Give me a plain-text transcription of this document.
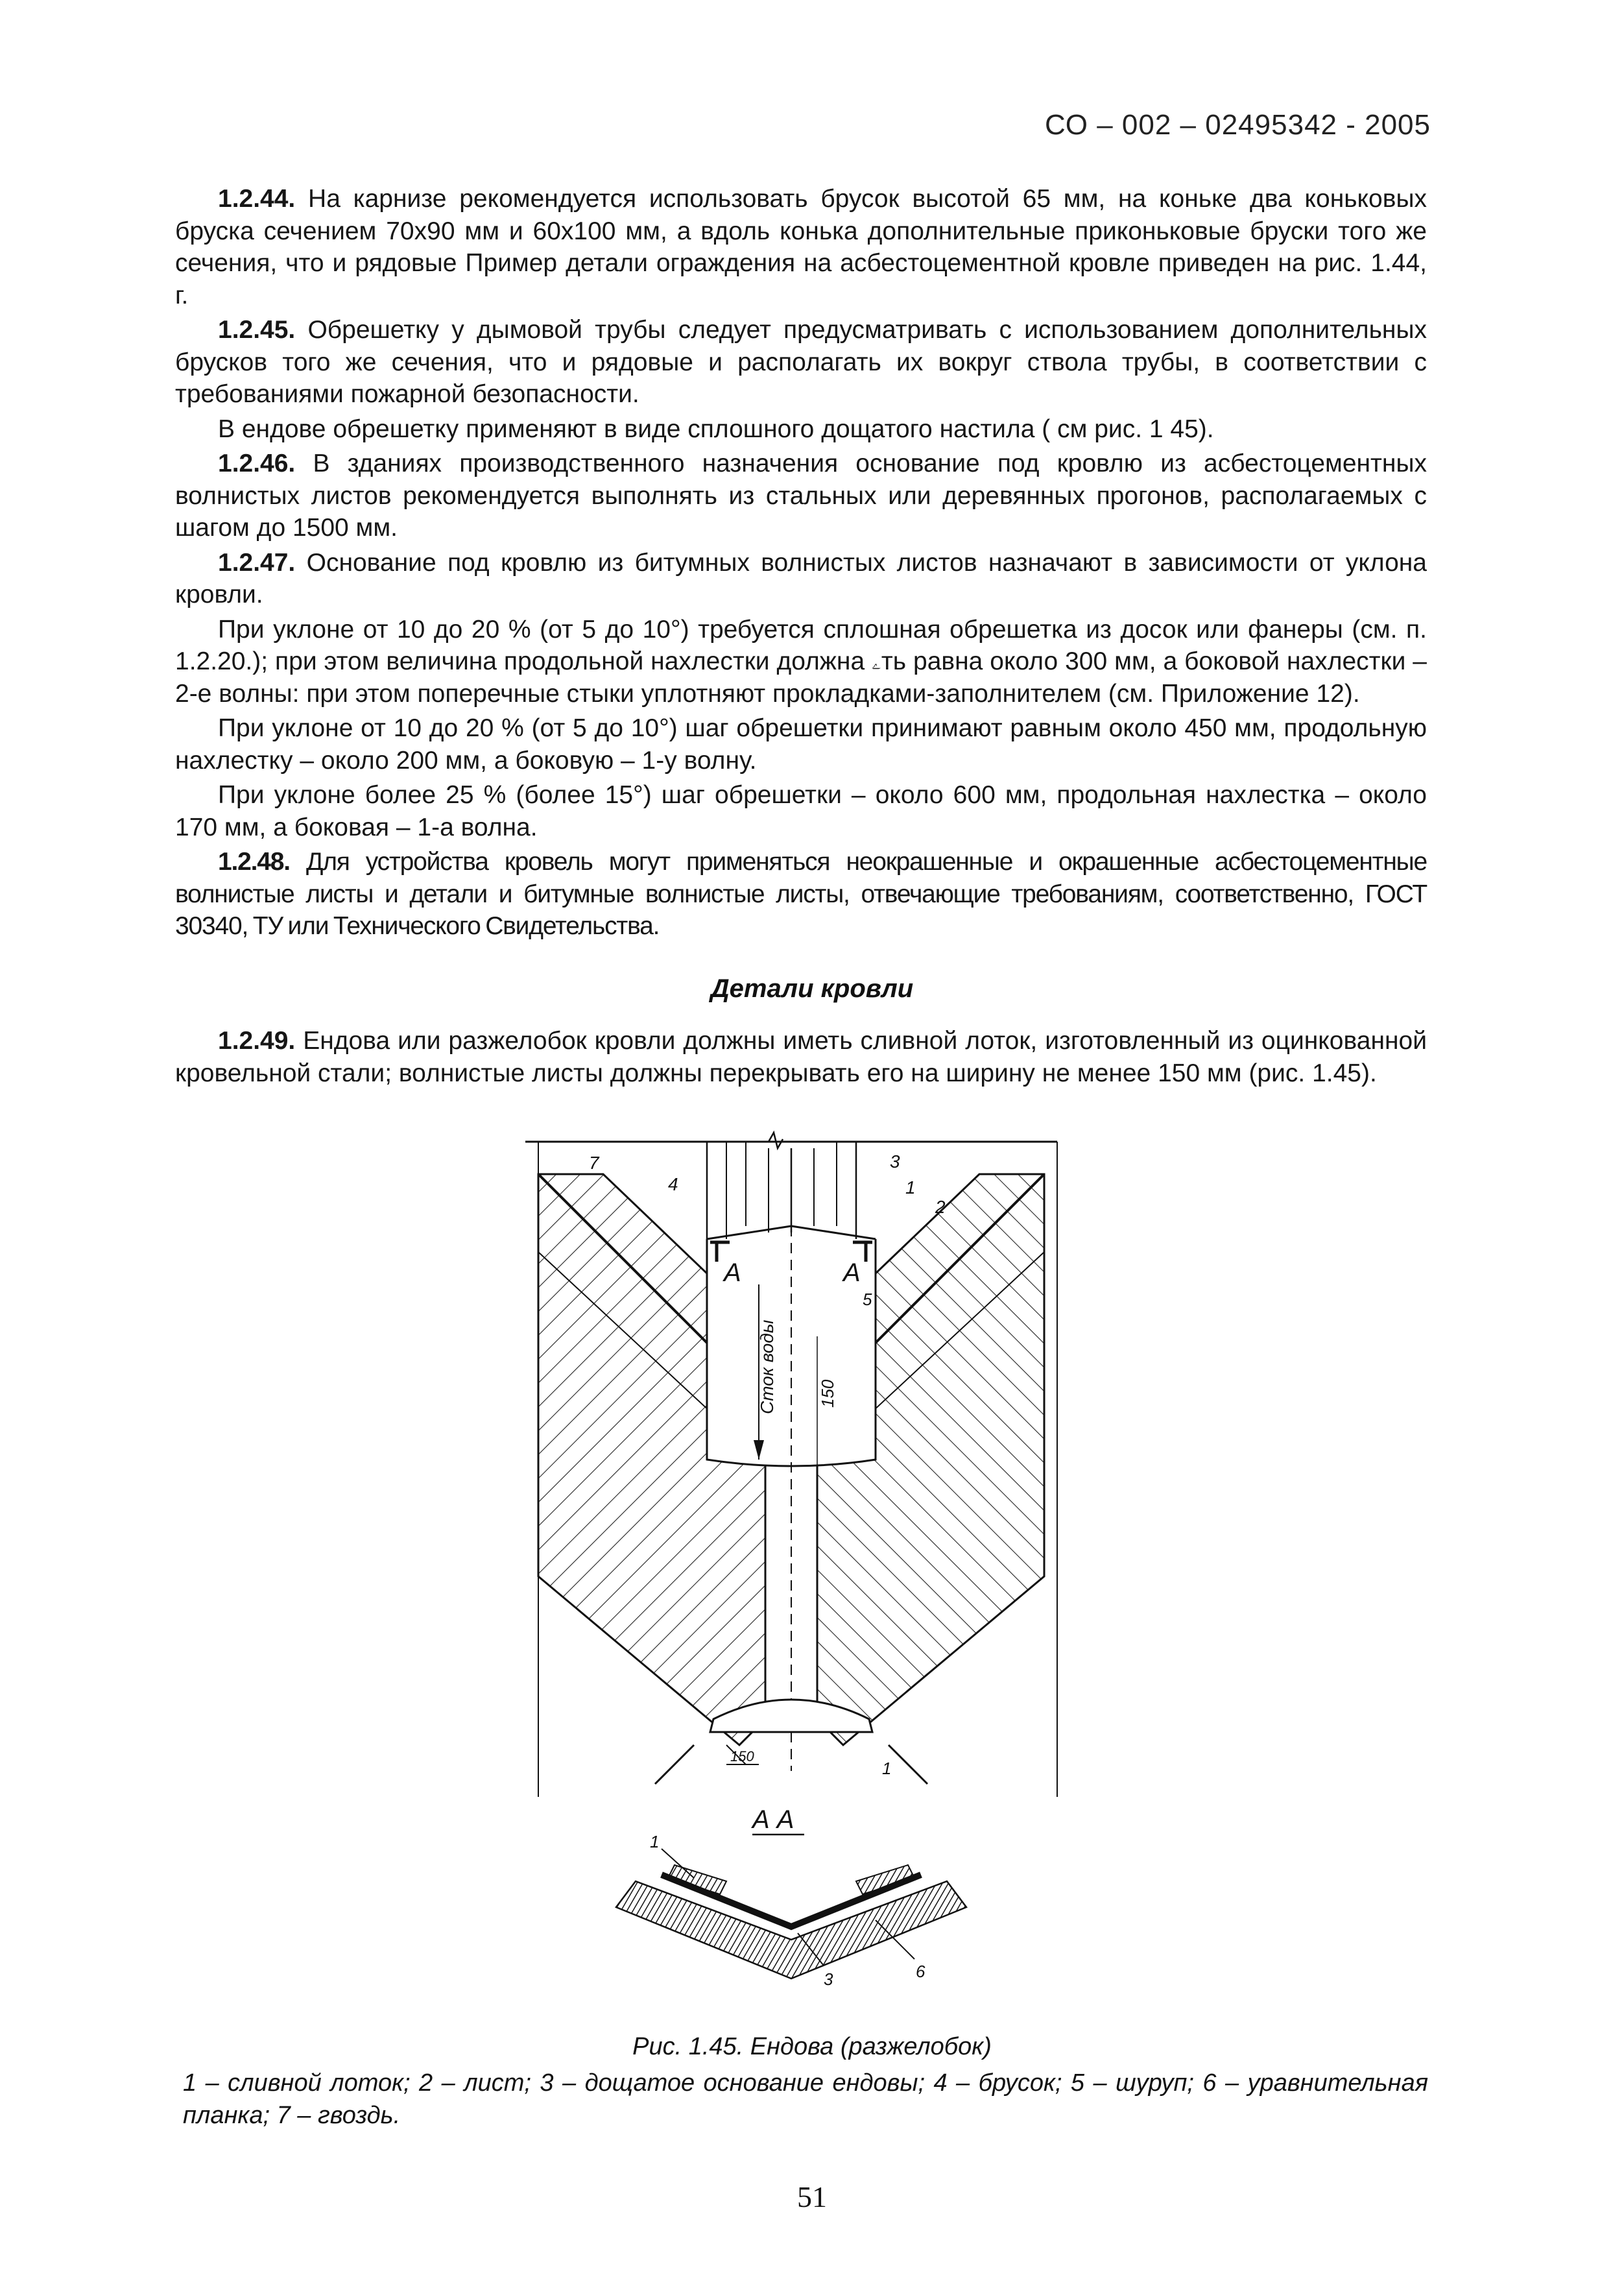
СО – 002 – 02495342 - 2005

1.2.44. На карнизе рекомендуется использовать брусок высотой 65 мм, на коньке два коньковых бруска сечением 70х90 мм и 60х100 мм, а вдоль конька дополнительные приконьковые бруски того же сечения, что и рядовые Пример детали ограждения на асбестоцементной кровле приведен на рис. 1.44, г.

1.2.45. Обрешетку у дымовой трубы следует предусматривать с использованием дополнительных брусков того же сечения, что и рядовые и располагать их вокруг ствола трубы, в соответствии с требованиями пожарной безопасности.

В ендове обрешетку применяют в виде сплошного дощатого настила ( см рис. 1 45).

1.2.46. В зданиях производственного назначения основание под кровлю из асбестоцементных волнистых листов рекомендуется выполнять из стальных или деревянных прогонов, располагаемых с шагом до 1500 мм.

1.2.47. Основание под кровлю из битумных волнистых листов назначают в зависимости от уклона кровли.

При уклоне от 10 до 20 % (от 5 до 10°) требуется сплошная обрешетка из досок или фанеры (см. п. 1.2.20.); при этом величина продольной нахлестки должна ۦть равна около 300 мм, а боковой нахлестки – 2-е волны: при этом поперечные стыки уплотняют прокладками-заполнителем (см. Приложение 12).

При уклоне от 10 до 20 % (от 5 до 10°) шаг обрешетки принимают равным около 450 мм, продольную нахлестку – около 200 мм, а боковую – 1-у волну.

При уклоне более 25 % (более 15°) шаг обрешетки – около 600 мм, продольная нахлестка – около 170 мм, а боковая – 1-а волна.

1.2.48. Для устройства кровель могут применяться неокрашенные и окрашенные асбестоцементные волнистые листы и детали и битумные волнистые листы, отвечающие требованиям, соответственно, ГОСТ 30340, ТУ или Технического Свидетельства.

Детали кровли

1.2.49. Ендова или разжелобок кровли должны иметь сливной лоток, изготовленный из оцинкованной кровельной стали; волнистые листы должны перекрывать его на ширину не менее 150 мм (рис. 1.45).

7
4
3
1
2
5
1
A	A
Сток воды 150
150
А А
1
3	6
Рис. 1.45. Ендова (разжелобок)
1 – сливной лоток; 2 – лист; 3 – дощатое основание ендовы; 4 – брусок; 5 – шуруп; 6 – уравнительная планка; 7 – гвоздь.
51
